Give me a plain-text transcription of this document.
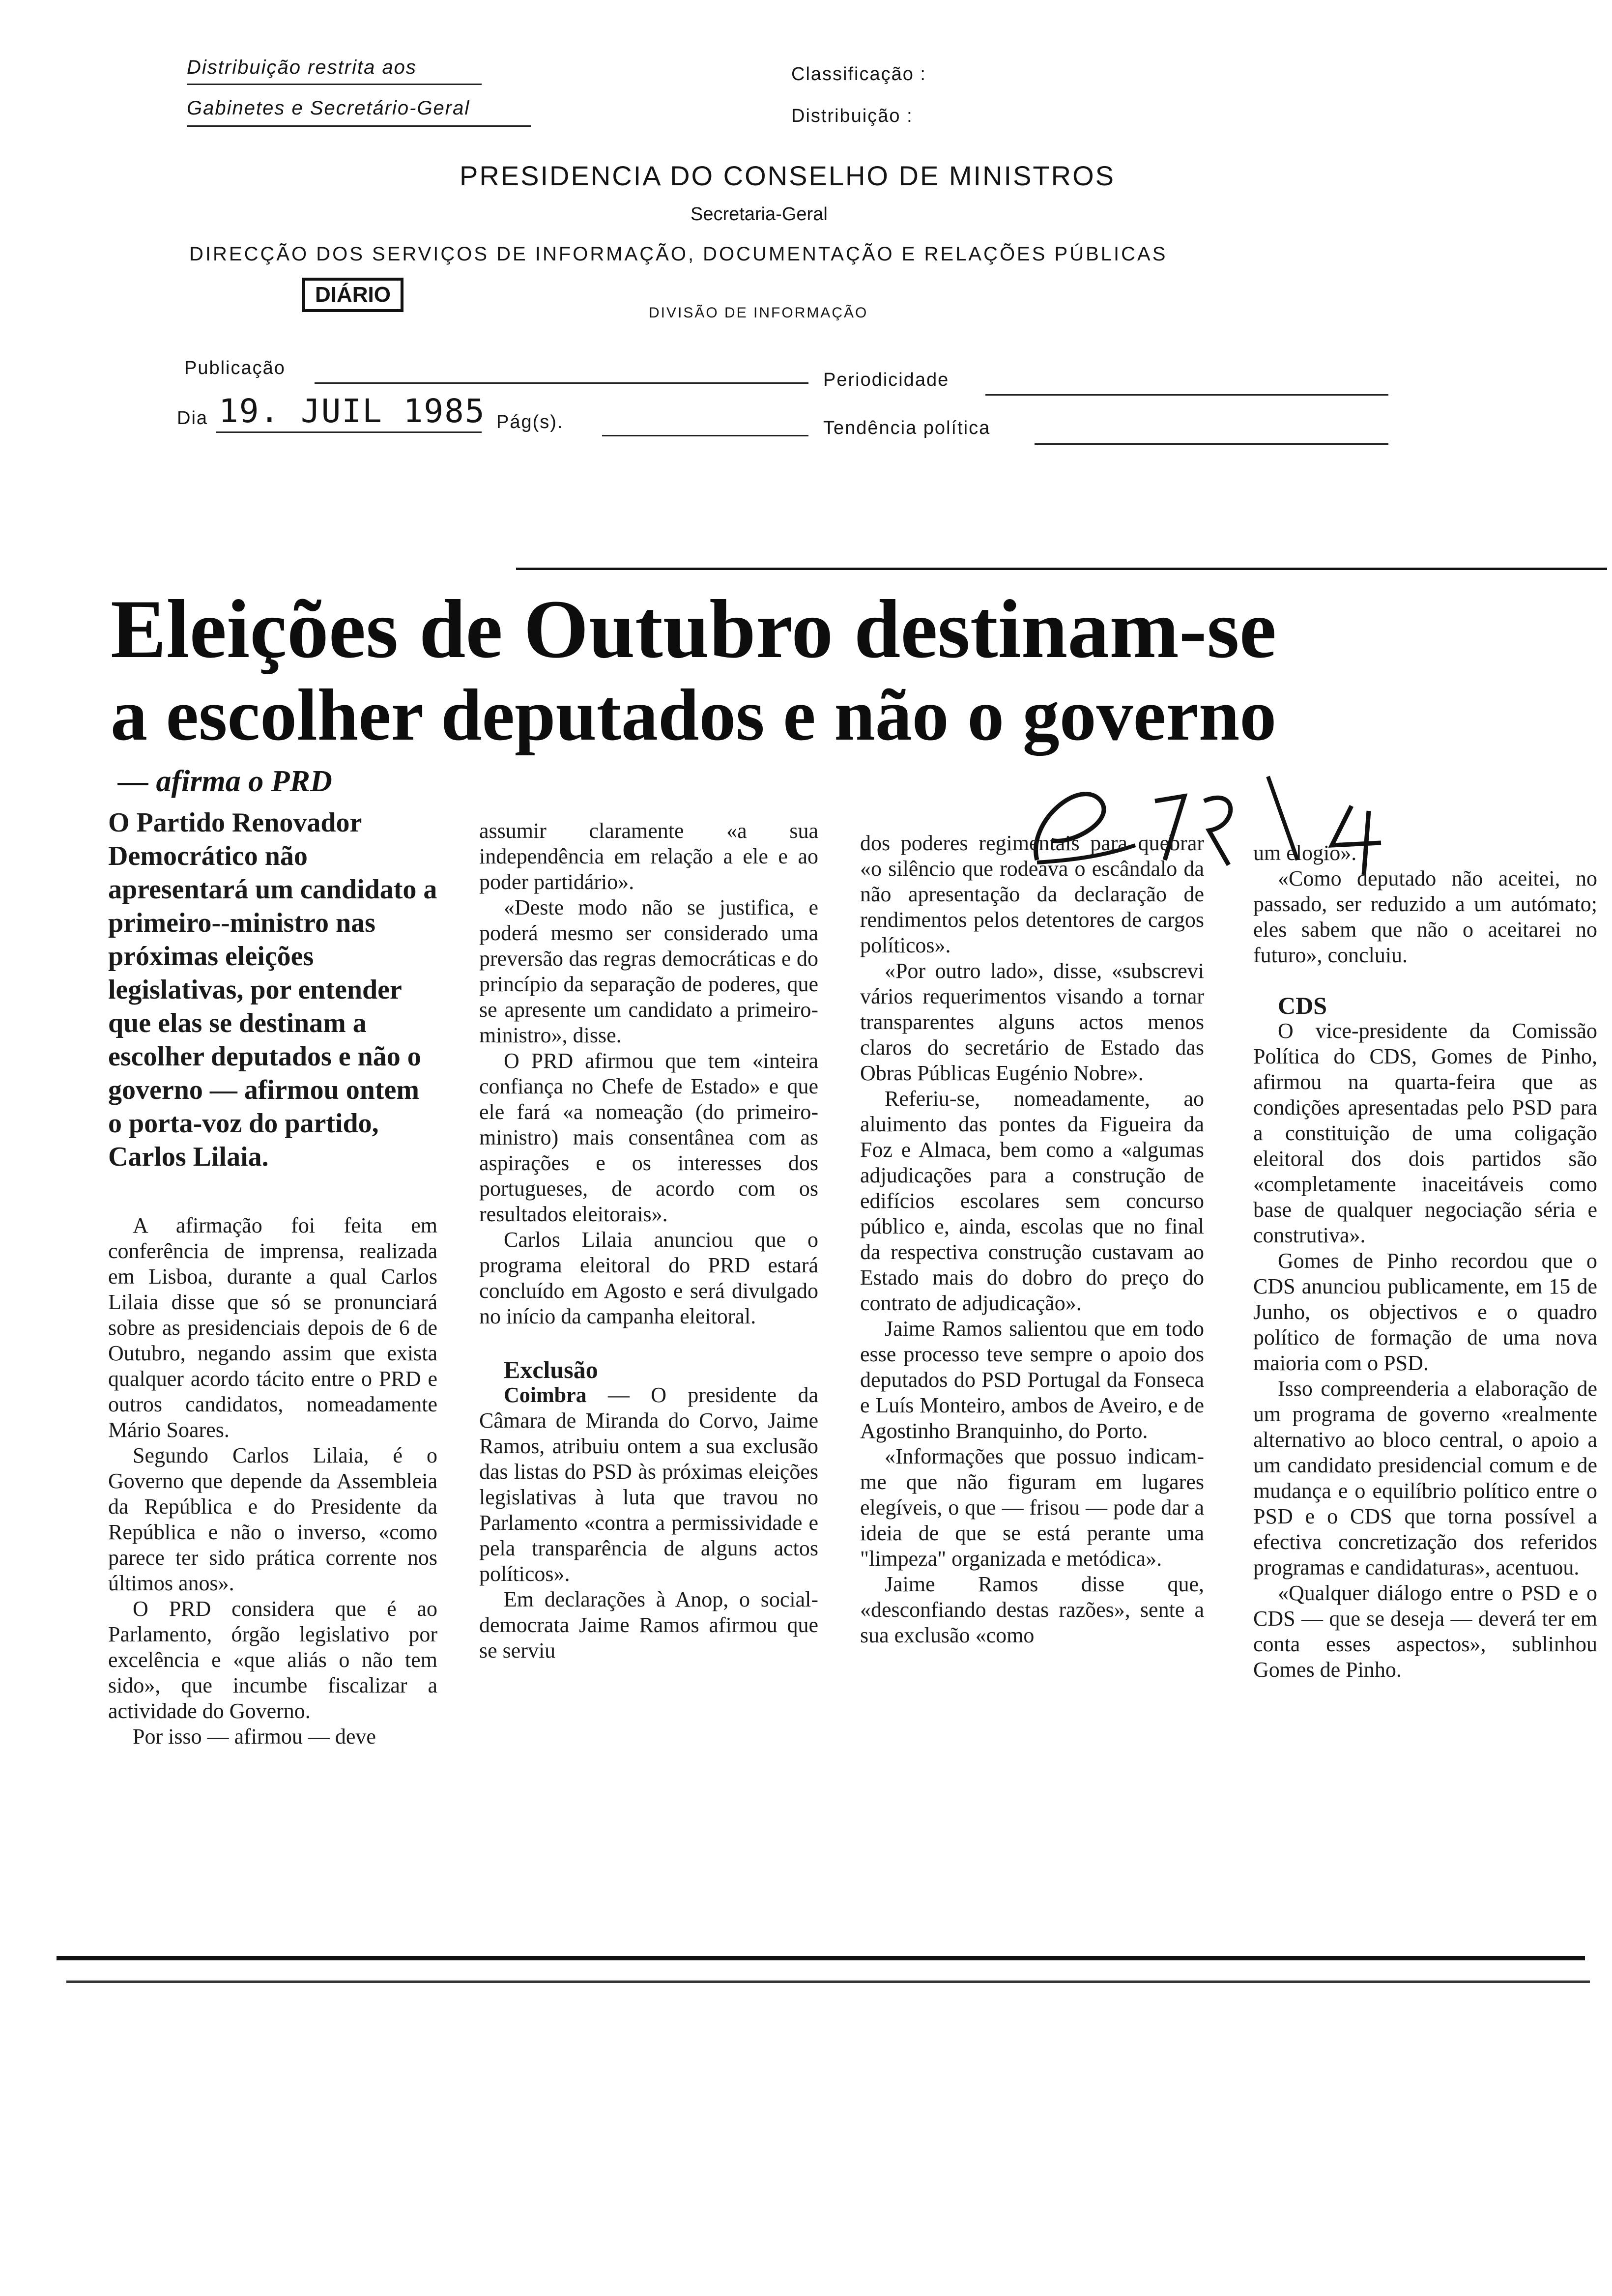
Distribuição restrita aos
Gabinetes e Secretário-Geral
Classificação :
Distribuição :
PRESIDENCIA DO CONSELHO DE MINISTROS
Secretaria-Geral
DIRECÇÃO DOS SERVIÇOS DE INFORMAÇÃO, DOCUMENTAÇÃO E RELAÇÕES PÚBLICAS
DIÁRIO
DIVISÃO DE INFORMAÇÃO
Publicação
Periodicidade
Dia 19. JUIL 1985 Pág(s).	Tendência política
Eleições de Outubro destinam-se
a escolher deputados e não o governo
— afirma o PRD

O Partido Renovador Democrático não apresentará um candidato a primeiro--ministro nas próximas eleições legislativas, por entender que elas se destinam a escolher deputados e não o governo — afirmou ontem o porta-voz do partido, Carlos Lilaia.

A afirmação foi feita em conferência de imprensa, realizada em Lisboa, durante a qual Carlos Lilaia disse que só se pronunciará sobre as presidenciais depois de 6 de Outubro, negando assim que exista qualquer acordo tácito entre o PRD e outros candidatos, nomeadamente Mário Soares.

Segundo Carlos Lilaia, é o Governo que depende da Assembleia da República e do Presidente da República e não o inverso, «como parece ter sido prática corrente nos últimos anos».

O PRD considera que é ao Parlamento, órgão legislativo por excelência e «que aliás o não tem sido», que incumbe fiscalizar a actividade do Governo.

Por isso — afirmou — deve

assumir claramente «a sua independência em relação a ele e ao poder partidário».

«Deste modo não se justifica, e poderá mesmo ser considerado uma preversão das regras democráticas e do princípio da separação de poderes, que se apresente um candidato a primeiro-ministro», disse.

O PRD afirmou que tem «inteira confiança no Chefe de Estado» e que ele fará «a nomeação (do primeiro-ministro) mais consentânea com as aspirações e os interesses dos portugueses, de acordo com os resultados eleitorais».

Carlos Lilaia anunciou que o programa eleitoral do PRD estará concluído em Agosto e será divulgado no início da campanha eleitoral.

Exclusão

Coimbra — O presidente da Câmara de Miranda do Corvo, Jaime Ramos, atribuiu ontem a sua exclusão das listas do PSD às próximas eleições legislativas à luta que travou no Parlamento «contra a permissividade e pela transparência de alguns actos políticos».

Em declarações à Anop, o social-democrata Jaime Ramos afirmou que se serviu

dos poderes regimentais para quebrar «o silêncio que rodeava o escândalo da não apresentação da declaração de rendimentos pelos detentores de cargos políticos».

«Por outro lado», disse, «subscrevi vários requerimentos visando a tornar transparentes alguns actos menos claros do secretário de Estado das Obras Públicas Eugénio Nobre».

Referiu-se, nomeadamente, ao aluimento das pontes da Figueira da Foz e Almaca, bem como a «algumas adjudicações para a construção de edifícios escolares sem concurso público e, ainda, escolas que no final da respectiva construção custavam ao Estado mais do dobro do preço do contrato de adjudicação».

Jaime Ramos salientou que em todo esse processo teve sempre o apoio dos deputados do PSD Portugal da Fonseca e Luís Monteiro, ambos de Aveiro, e de Agostinho Branquinho, do Porto.

«Informações que possuo indicam-me que não figuram em lugares elegíveis, o que — frisou — pode dar a ideia de que se está perante uma "limpeza" organizada e metódica».

Jaime Ramos disse que, «desconfiando destas razões», sente a sua exclusão «como

um elogio».

«Como deputado não aceitei, no passado, ser reduzido a um autómato; eles sabem que não o aceitarei no futuro», concluiu.

CDS

O vice-presidente da Comissão Política do CDS, Gomes de Pinho, afirmou na quarta-feira que as condições apresentadas pelo PSD para a constituição de uma coligação eleitoral dos dois partidos são «completamente inaceitáveis como base de qualquer negociação séria e construtiva».

Gomes de Pinho recordou que o CDS anunciou publicamente, em 15 de Junho, os objectivos e o quadro político de formação de uma nova maioria com o PSD.

Isso compreenderia a elaboração de um programa de governo «realmente alternativo ao bloco central, o apoio a um candidato presidencial comum e de mudança e o equilíbrio político entre o PSD e o CDS que torna possível a efectiva concretização dos referidos programas e candidaturas», acentuou.

«Qualquer diálogo entre o PSD e o CDS — que se deseja — deverá ter em conta esses aspectos», sublinhou Gomes de Pinho.
